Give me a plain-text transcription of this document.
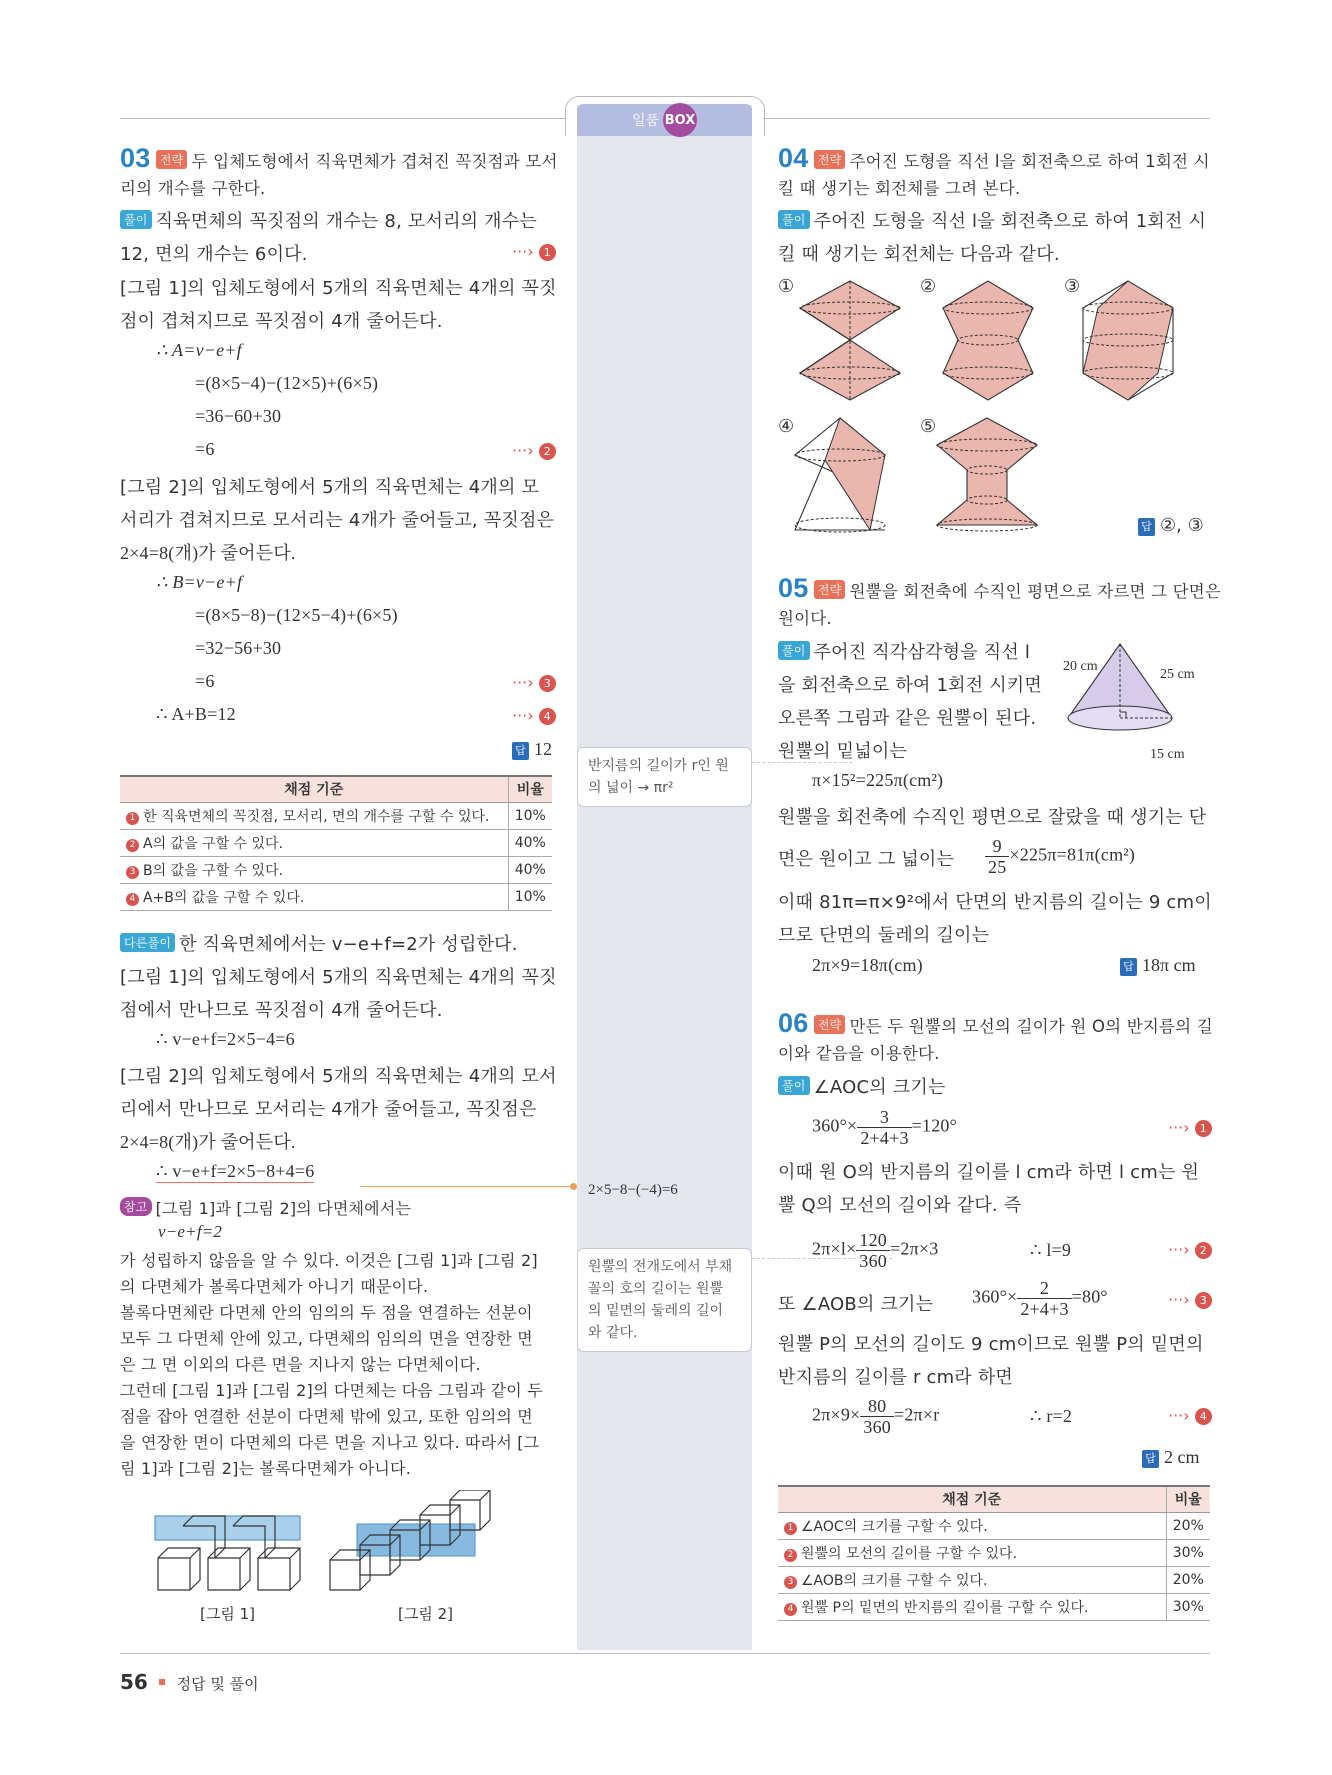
일품 BOX
03 전략 두 입체도형에서 직육면체가 겹쳐진 꼭짓점과 모서
리의 개수를 구한다.
풀이 직육면체의 꼭짓점의 개수는 8, 모서리의 개수는
12, 면의 개수는 6이다.	···› 1
[그림 1]의 입체도형에서 5개의 직육면체는 4개의 꼭짓
점이 겹쳐지므로 꼭짓점이 4개 줄어든다.
∴ A=v−e+f
=(8×5−4)−(12×5)+(6×5)
=36−60+30
=6	···› 2
[그림 2]의 입체도형에서 5개의 직육면체는 4개의 모
서리가 겹쳐지므로 모서리는 4개가 줄어들고, 꼭짓점은
2×4=8(개)가 줄어든다.
∴ B=v−e+f
=(8×5−8)−(12×5−4)+(6×5)
=32−56+30
=6	···› 3
∴ A+B=12	···› 4
답 12
채점 기준	비율
1 한 직육면체의 꼭짓점, 모서리, 면의 개수를 구할 수 있다.	10%
2 A의 값을 구할 수 있다.	40%
3 B의 값을 구할 수 있다.	40%
4 A+B의 값을 구할 수 있다.	10%
다른풀이 한 직육면체에서는 v−e+f=2가 성립한다.
[그림 1]의 입체도형에서 5개의 직육면체는 4개의 꼭짓
점에서 만나므로 꼭짓점이 4개 줄어든다.
∴ v−e+f=2×5−4=6
[그림 2]의 입체도형에서 5개의 직육면체는 4개의 모서
리에서 만나므로 모서리는 4개가 줄어들고, 꼭짓점은
2×4=8(개)가 줄어든다.
∴ v−e+f=2×5−8+4=6
참고 [그림 1]과 [그림 2]의 다면체에서는
v−e+f=2
가 성립하지 않음을 알 수 있다. 이것은 [그림 1]과 [그림 2]
의 다면체가 볼록다면체가 아니기 때문이다.
볼록다면체란 다면체 안의 임의의 두 점을 연결하는 선분이
모두 그 다면체 안에 있고, 다면체의 임의의 면을 연장한 면
은 그 면 이외의 다른 면을 지나지 않는 다면체이다.
그런데 [그림 1]과 [그림 2]의 다면체는 다음 그림과 같이 두
점을 잡아 연결한 선분이 다면체 밖에 있고, 또한 임의의 면
을 연장한 면이 다면체의 다른 면을 지나고 있다. 따라서 [그
림 1]과 [그림 2]는 볼록다면체가 아니다.
[그림 1]	[그림 2]
반지름의 길이가 r인 원
의 넓이 → πr²
2×5−8−(−4)=6
원뿔의 전개도에서 부채
꼴의 호의 길이는 원뿔
의 밑면의 둘레의 길이
와 같다.
04 전략 주어진 도형을 직선 l을 회전축으로 하여 1회전 시
킬 때 생기는 회전체를 그려 본다.
풀이 주어진 도형을 직선 l을 회전축으로 하여 1회전 시
킬 때 생기는 회전체는 다음과 같다.
①	②	③
④	⑤
답 ②, ③
05 전략 원뿔을 회전축에 수직인 평면으로 자르면 그 단면은
원이다.
풀이 주어진 직각삼각형을 직선 l
을 회전축으로 하여 1회전 시키면
오른쪽 그림과 같은 원뿔이 된다.
원뿔의 밑넓이는
π×15²=225π(cm²)
20 cm
25 cm
15 cm
원뿔을 회전축에 수직인 평면으로 잘랐을 때 생기는 단
면은 원이고 그 넓이는 $\frac{9}{25} \times 225\pi=81\pi(cm^2)$
이때 81π=π×9²에서 단면의 반지름의 길이는 9 cm이
므로 단면의 둘레의 길이는
2π×9=18π(cm)	답 18π cm
06 전략 만든 두 원뿔의 모선의 길이가 원 O의 반지름의 길
이와 같음을 이용한다.
풀이 ∠AOC의 크기는
$360^\circ\times \frac{3}{2+4+3} =120^\circ$	···› 1
이때 원 O의 반지름의 길이를 l cm라 하면 l cm는 원
뿔 Q의 모선의 길이와 같다. 즉
$2\pi\times l\times \frac{120}{360} =2\pi\times 3$	∴ l=9	···› 2
또 ∠AOB의 크기는 $360^\circ\times \frac{2}{2+4+3} =80^\circ$	···› 3
원뿔 P의 모선의 길이도 9 cm이므로 원뿔 P의 밑면의
반지름의 길이를 r cm라 하면
$2\pi\times 9\times \frac{80}{360} =2\pi\times r$	∴ r=2	···› 4
답 2 cm
채점 기준	비율
1 ∠AOC의 크기를 구할 수 있다.	20%
2 원뿔의 모선의 길이를 구할 수 있다.	30%
3 ∠AOB의 크기를 구할 수 있다.	20%
4 원뿔 P의 밑면의 반지름의 길이를 구할 수 있다.	30%
56 정답 및 풀이
